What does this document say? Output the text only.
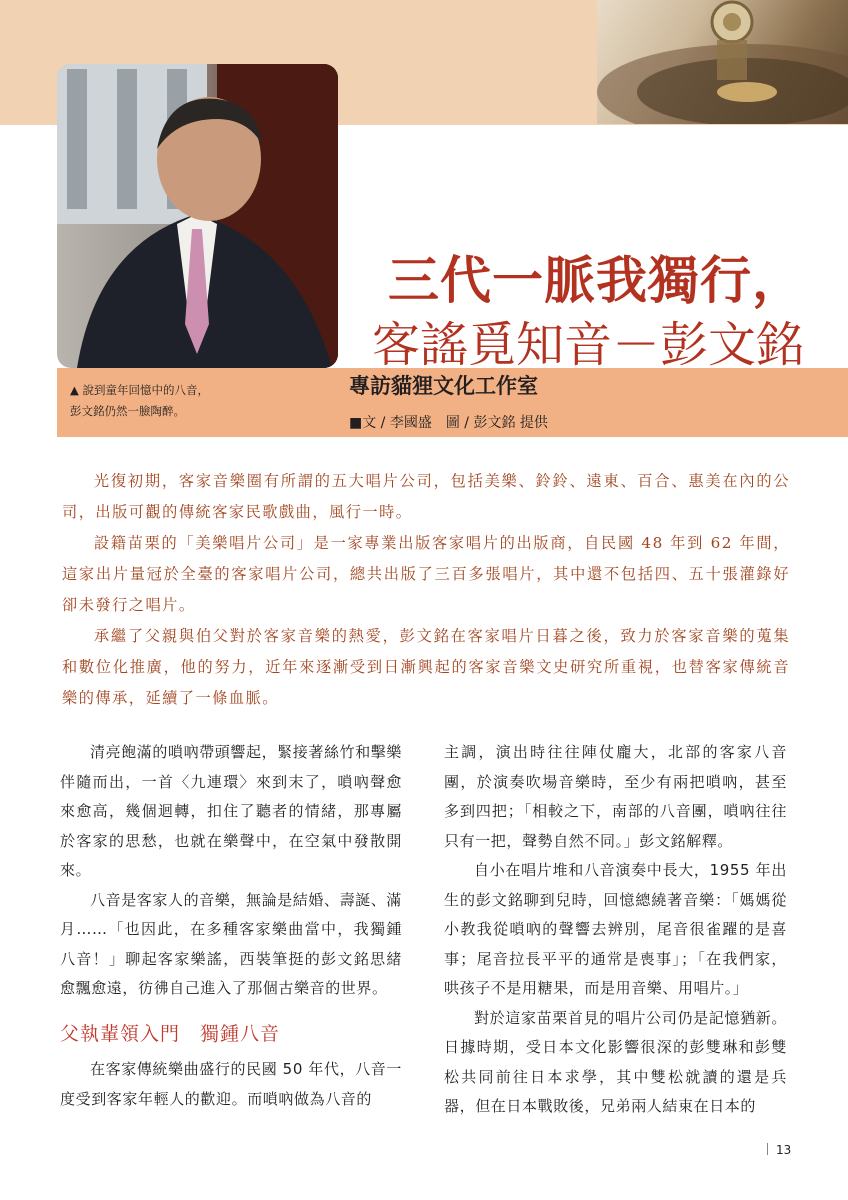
▲ 說到童年回憶中的八音，
彭文銘仍然一臉陶醉。
三代一脈我獨行，
客謠覓知音－彭文銘
專訪貓狸文化工作室
■文 / 李國盛　圖 / 彭文銘 提供

光復初期，客家音樂圈有所謂的五大唱片公司，包括美樂、鈴鈴、遠東、百合、惠美在內的公司，出版可觀的傳統客家民歌戲曲，風行一時。

設籍苗栗的「美樂唱片公司」是一家專業出版客家唱片的出版商，自民國 48 年到 62 年間，這家出片量冠於全臺的客家唱片公司，總共出版了三百多張唱片，其中還不包括四、五十張灌錄好卻未發行之唱片。

承繼了父親與伯父對於客家音樂的熱愛，彭文銘在客家唱片日暮之後，致力於客家音樂的蒐集和數位化推廣，他的努力，近年來逐漸受到日漸興起的客家音樂文史研究所重視，也替客家傳統音樂的傳承，延續了一條血脈。

清亮飽滿的嗩吶帶頭響起，緊接著絲竹和擊樂伴隨而出，一首〈九連環〉來到末了，嗩吶聲愈來愈高，幾個迴轉，扣住了聽者的情緒，那專屬於客家的思愁，也就在樂聲中，在空氣中發散開來。

八音是客家人的音樂，無論是結婚、壽誕、滿月……「也因此，在多種客家樂曲當中，我獨鍾八音！」聊起客家樂謠，西裝筆挺的彭文銘思緒愈飄愈遠，彷彿自己進入了那個古樂音的世界。

父執輩領入門　獨鍾八音

在客家傳統樂曲盛行的民國 50 年代，八音一度受到客家年輕人的歡迎。而嗩吶做為八音的

主調，演出時往往陣仗龐大，北部的客家八音團，於演奏吹場音樂時，至少有兩把嗩吶，甚至多到四把；「相較之下，南部的八音團，嗩吶往往只有一把，聲勢自然不同。」彭文銘解釋。

自小在唱片堆和八音演奏中長大，1955 年出生的彭文銘聊到兒時，回憶總繞著音樂：「媽媽從小教我從嗩吶的聲響去辨別，尾音很雀躍的是喜事；尾音拉長平平的通常是喪事」；「在我們家，哄孩子不是用糖果，而是用音樂、用唱片。」

對於這家苗栗首見的唱片公司仍是記憶猶新。日據時期，受日本文化影響很深的彭雙琳和彭雙松共同前往日本求學，其中雙松就讀的還是兵器，但在日本戰敗後，兄弟兩人結束在日本的

13
